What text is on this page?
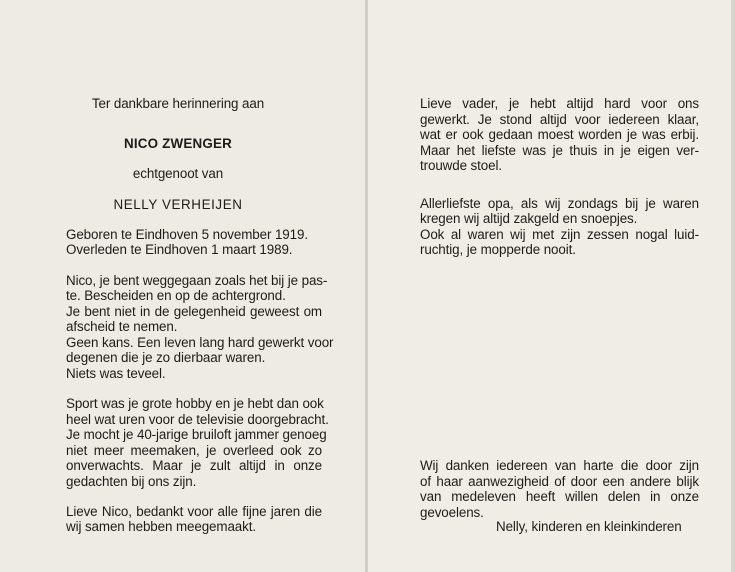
Ter dankbare herinnering aan
NICO ZWENGER
echtgenoot van
NELLY VERHEIJEN
Geboren te Eindhoven 5 november 1919.
Overleden te Eindhoven 1 maart 1989.
Nico, je bent weggegaan zoals het bij je pas-
te. Bescheiden en op de achtergrond.
Je bent niet in de gelegenheid geweest om
afscheid te nemen.
Geen kans. Een leven lang hard gewerkt voor
degenen die je zo dierbaar waren.
Niets was teveel.
Sport was je grote hobby en je hebt dan ook
heel wat uren voor de televisie doorgebracht.
Je mocht je 40-jarige bruiloft jammer genoeg
niet meer meemaken, je overleed ook zo
onverwachts. Maar je zult altijd in onze
gedachten bij ons zijn.
Lieve Nico, bedankt voor alle fijne jaren die
wij samen hebben meegemaakt.
Lieve vader, je hebt altijd hard voor ons
gewerkt. Je stond altijd voor iedereen klaar,
wat er ook gedaan moest worden je was erbij.
Maar het liefste was je thuis in je eigen ver-
trouwde stoel.
Allerliefste opa, als wij zondags bij je waren
kregen wij altijd zakgeld en snoepjes.
Ook al waren wij met zijn zessen nogal luid-
ruchtig, je mopperde nooit.
Wij danken iedereen van harte die door zijn
of haar aanwezigheid of door een andere blijk
van medeleven heeft willen delen in onze
gevoelens.
Nelly, kinderen en kleinkinderen
